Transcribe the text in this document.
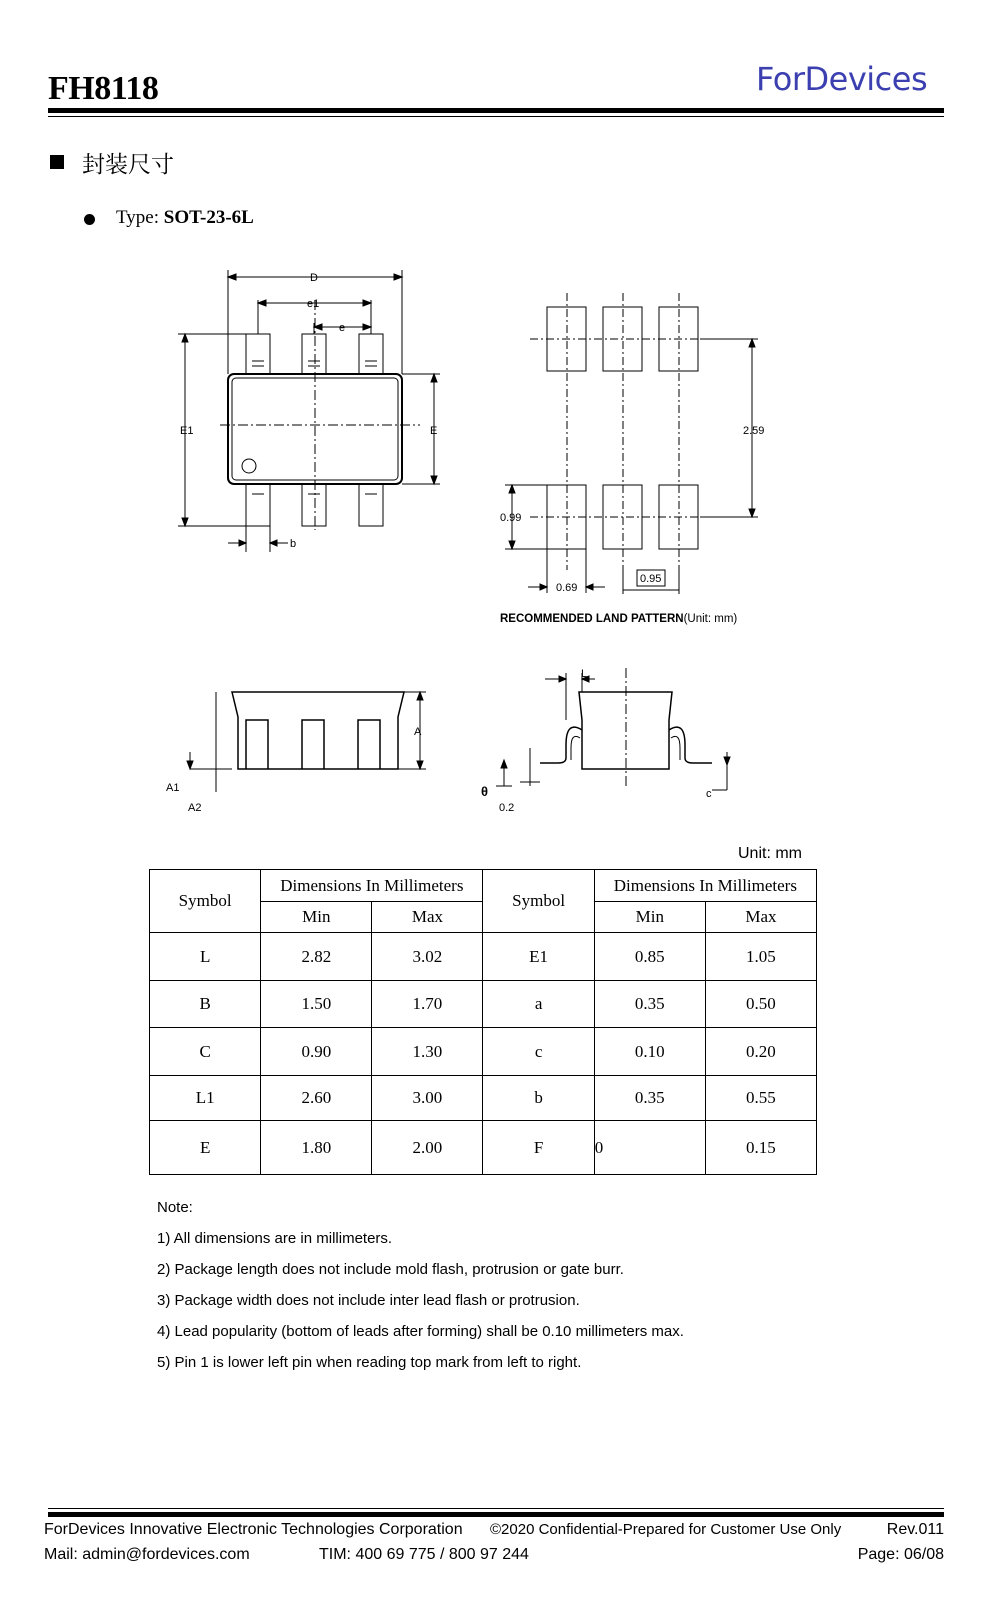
FH8118	ForDevices
封装尺寸
Type: SOT-23-6L
D
e1
e
E1	E
b
2.59
0.99
0.69
0.95
A
A1
A2
L
θ
0.2
c
RECOMMENDED LAND PATTERN(Unit: mm)
Unit: mm
Symbol	Dimensions In Millimeters		Symbol	Dimensions In Millimeters	
	Min	Max		Min	Max
L	2.82	3.02	E1	0.85	1.05
B	1.50	1.70	a	0.35	0.50
C	0.90	1.30	c	0.10	0.20
L1	2.60	3.00	b	0.35	0.55
E	1.80	2.00	F	0	0.15
Note:
1) All dimensions are in millimeters.
2) Package length does not include mold flash, protrusion or gate burr.
3) Package width does not include inter lead flash or protrusion.
4) Lead popularity (bottom of leads after forming) shall be 0.10 millimeters max.
5) Pin 1 is lower left pin when reading top mark from left to right.
ForDevices Innovative Electronic Technologies Corporation ©2020 Confidential-Prepared for Customer Use Only	Rev.011
Mail: admin@fordevices.com	TIM: 400 69 775 / 800 97 244	Page: 06/08
